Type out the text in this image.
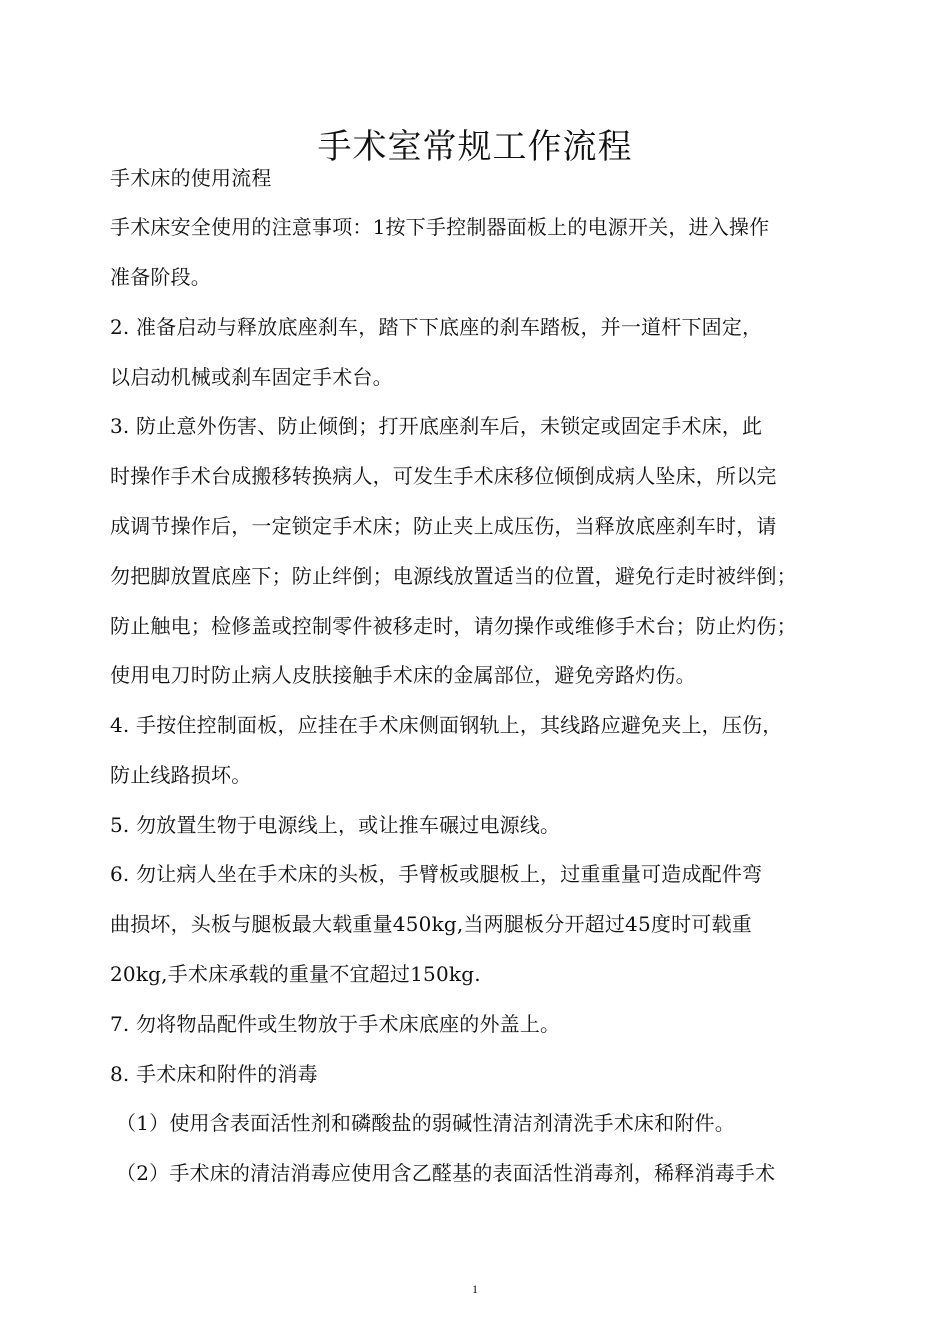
手术室常规工作流程
手术床的使用流程
手术床安全使用的注意事项：1按下手控制器面板上的电源开关，进入操作
准备阶段。
2. 准备启动与释放底座刹车，踏下下底座的刹车踏板，并一道杆下固定，
以启动机械或刹车固定手术台。
3. 防止意外伤害、防止倾倒；打开底座刹车后，未锁定或固定手术床，此
时操作手术台成搬移转换病人，可发生手术床移位倾倒成病人坠床，所以完
成调节操作后，一定锁定手术床；防止夹上成压伤，当释放底座刹车时，请
勿把脚放置底座下；防止绊倒；电源线放置适当的位置，避免行走时被绊倒；
防止触电；检修盖或控制零件被移走时，请勿操作或维修手术台；防止灼伤；
使用电刀时防止病人皮肤接触手术床的金属部位，避免旁路灼伤。
4. 手按住控制面板，应挂在手术床侧面钢轨上，其线路应避免夹上，压伤，
防止线路损坏。
5. 勿放置生物于电源线上，或让推车碾过电源线。
6. 勿让病人坐在手术床的头板，手臂板或腿板上，过重重量可造成配件弯
曲损坏，头板与腿板最大载重量450kg,当两腿板分开超过45度时可载重
20kg,手术床承载的重量不宜超过150kg.
7. 勿将物品配件或生物放于手术床底座的外盖上。
8. 手术床和附件的消毒
（1）使用含表面活性剂和磷酸盐的弱碱性清洁剂清洗手术床和附件。
（2）手术床的清洁消毒应使用含乙醛基的表面活性消毒剂，稀释消毒手术
1
